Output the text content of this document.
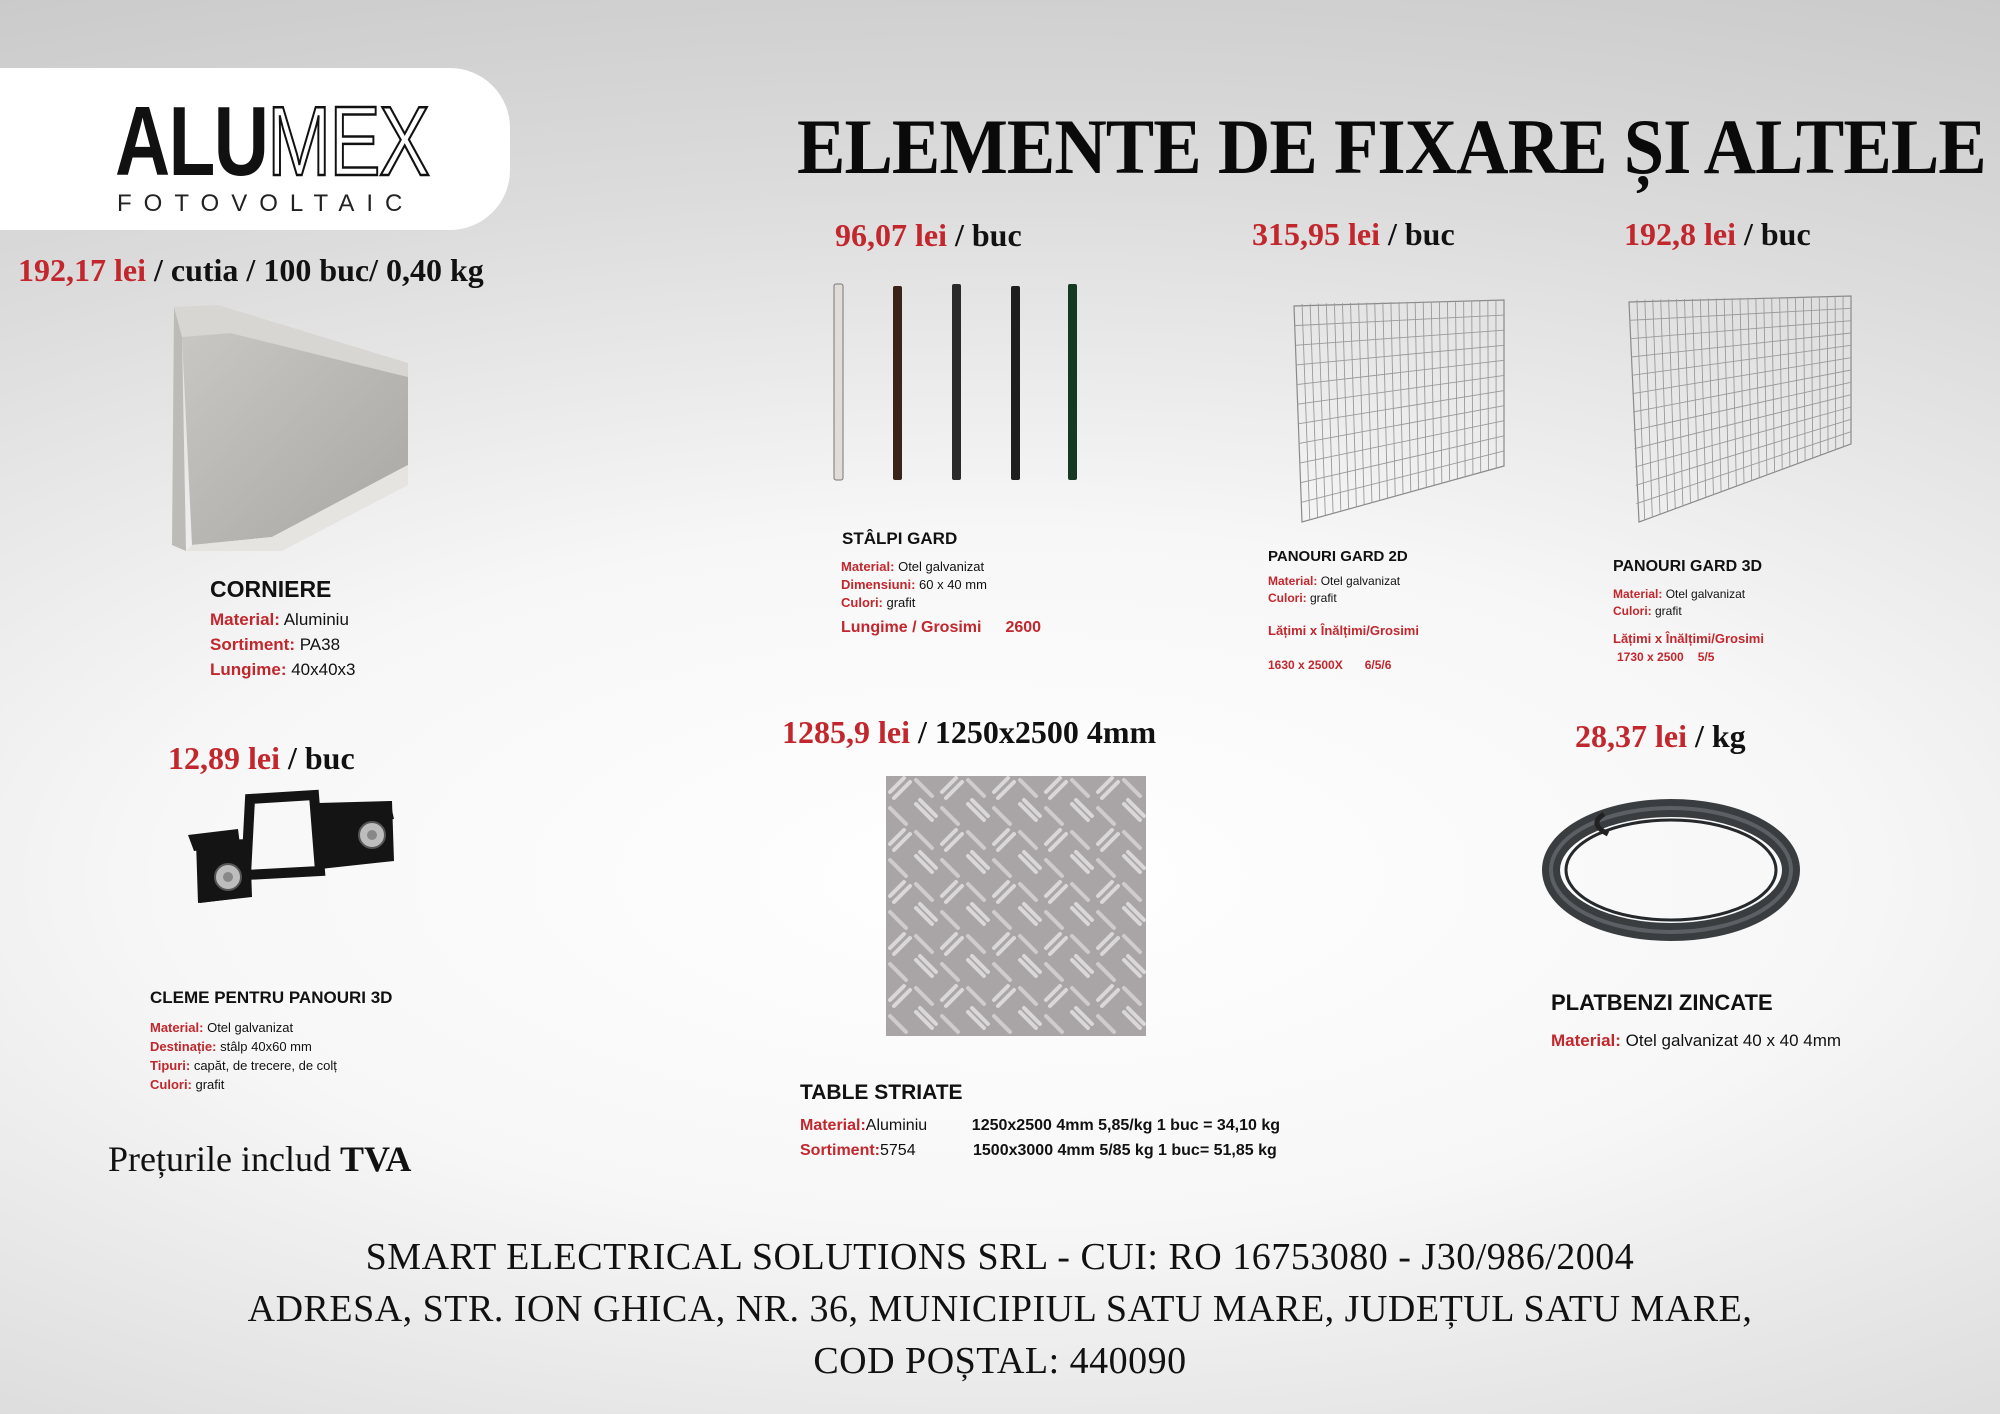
ALUMEX
FOTOVOLTAIC
ELEMENTE DE FIXARE ȘI ALTELE
192,17 lei / cutia / 100 buc/ 0,40 kg
CORNIERE
Material: Aluminiu
Sortiment: PA38
Lungime: 40x40x3
96,07 lei / buc
STÂLPI GARD
Material: Otel galvanizat
Dimensiuni: 60 x 40 mm
Culori: grafit
Lungime / Grosimi 2600
315,95 lei / buc
PANOURI GARD 2D
Material: Otel galvanizat
Culori: grafit
Lățimi x Înălțimi/Grosimi
1630 x 2500X 6/5/6
192,8 lei / buc
PANOURI GARD 3D
Material: Otel galvanizat
Culori: grafit
Lățimi x Înălțimi/Grosimi
1730 x 2500 5/5
12,89 lei / buc
CLEME PENTRU PANOURI 3D
Material: Otel galvanizat
Destinație: stâlp 40x60 mm
Tipuri: capăt, de trecere, de colț
Culori: grafit
1285,9 lei / 1250x2500 4mm
TABLE STRIATE
Material:Aluminiu	1250x2500 4mm 5,85/kg 1 buc = 34,10 kg
Sortiment:5754	1500x3000 4mm 5/85 kg 1 buc= 51,85 kg
28,37 lei / kg
PLATBENZI ZINCATE
Material: Otel galvanizat 40 x 40 4mm
Prețurile includ TVA
SMART ELECTRICAL SOLUTIONS SRL - CUI: RO 16753080 - J30/986/2004
ADRESA, STR. ION GHICA, NR. 36, MUNICIPIUL SATU MARE, JUDEȚUL SATU MARE,
COD POȘTAL: 440090
